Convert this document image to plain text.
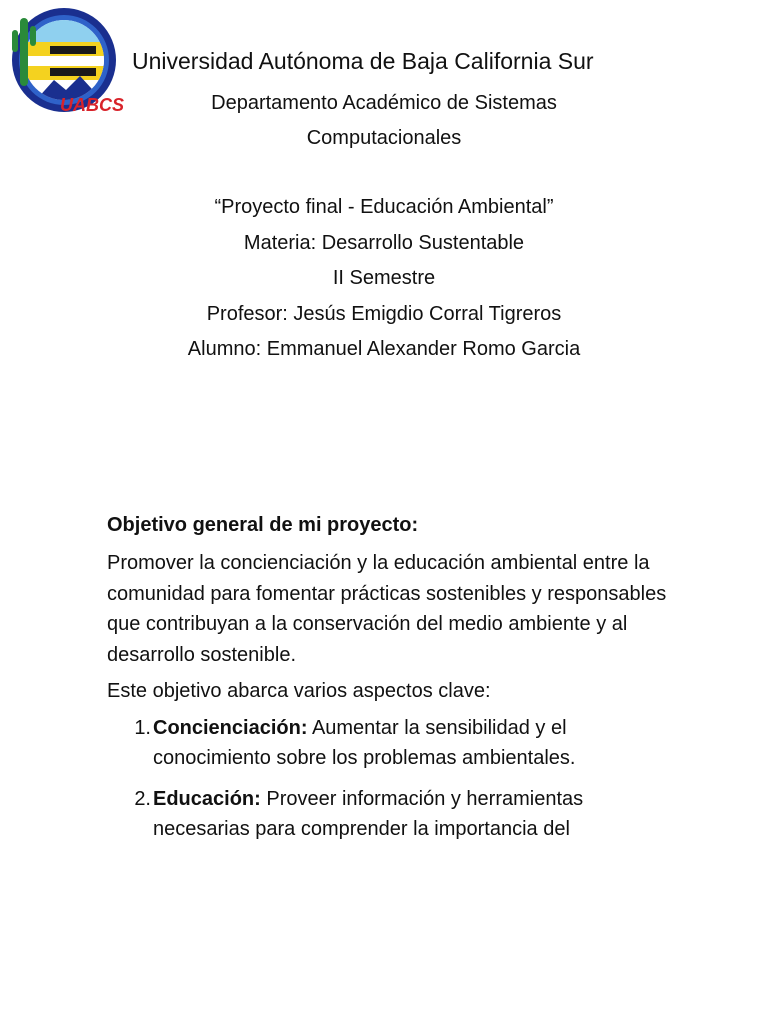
UABCS
Universidad Autónoma de Baja California Sur
Departamento Académico de Sistemas
Computacionales
“Proyecto final - Educación Ambiental”
Materia: Desarrollo Sustentable
II Semestre
Profesor: Jesús Emigdio Corral Tigreros
Alumno: Emmanuel Alexander Romo Garcia
Objetivo general de mi proyecto:
Promover la concienciación y la educación ambiental entre la comunidad para fomentar prácticas sostenibles y responsables que contribuyan a la conservación del medio ambiente y al desarrollo sostenible.
Este objetivo abarca varios aspectos clave:
1. Concienciación: Aumentar la sensibilidad y el conocimiento sobre los problemas ambientales.
2. Educación: Proveer información y herramientas necesarias para comprender la importancia del
